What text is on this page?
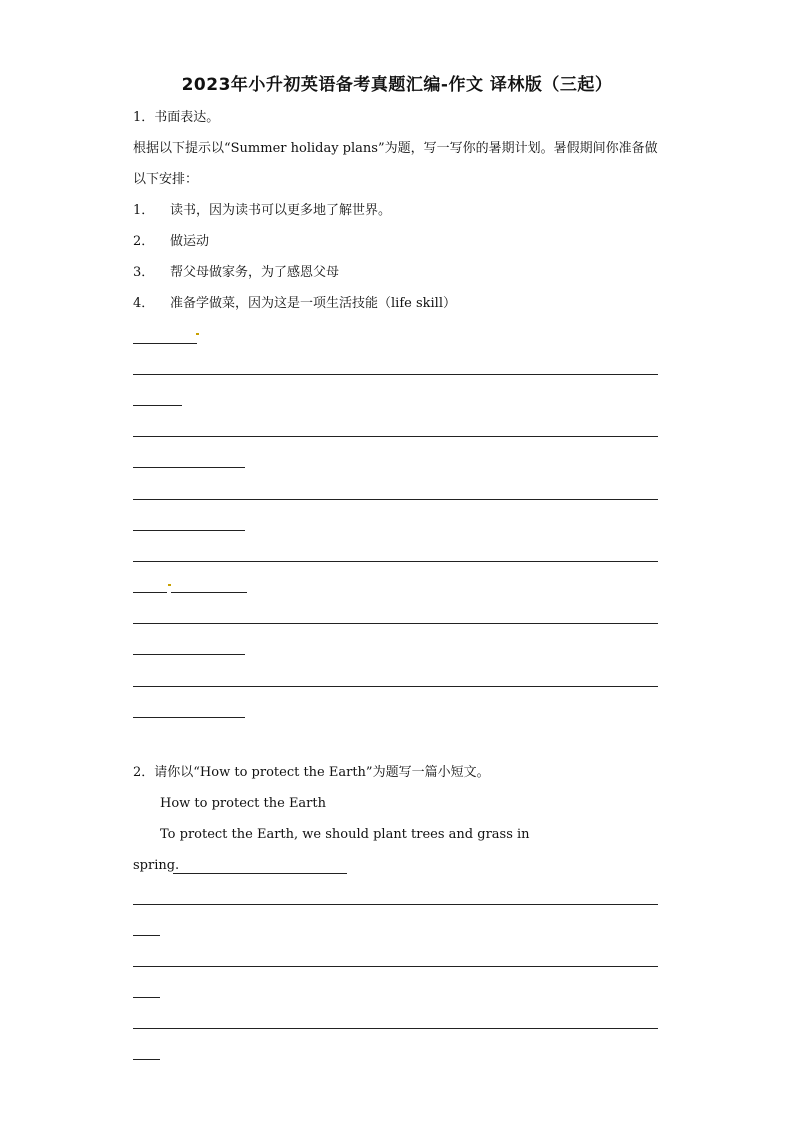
2023年小升初英语备考真题汇编-作文 译林版（三起）
1．书面表达。
根据以下提示以“Summer holiday plans”为题，写一写你的暑期计划。暑假期间你准备做
以下安排：
1． 读书，因为读书可以更多地了解世界。
2． 做运动
3． 帮父母做家务，为了感恩父母
4． 准备学做菜，因为这是一项生活技能（life skill）
2．请你以“How to protect the Earth”为题写一篇小短文。
How to protect the Earth
To protect the Earth, we should plant trees and grass in
spring.
